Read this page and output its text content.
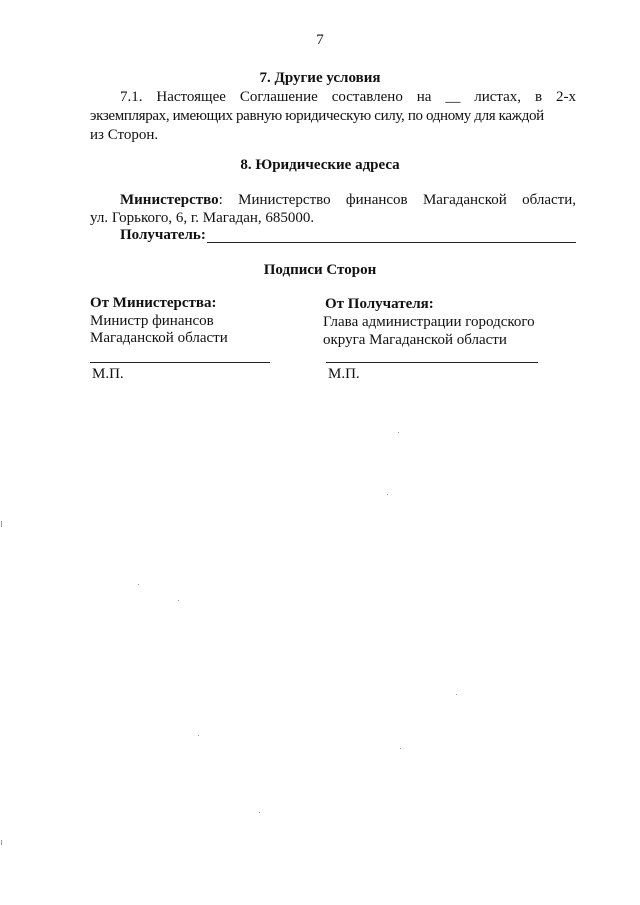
7
7. Другие условия
7.1. Настоящее Соглашение составлено на __ листах, в 2-х
экземплярах, имеющих равную юридическую силу, по одному для каждой
из Сторон.
8. Юридические адреса
Министерство: Министерство финансов Магаданской области,
ул. Горького, 6, г. Магадан, 685000.
Получатель:
Подписи Сторон
От Министерства:
Министр финансов
Магаданской области
М.П.
От Получателя:
Глава администрации городского
округа Магаданской области
М.П.
